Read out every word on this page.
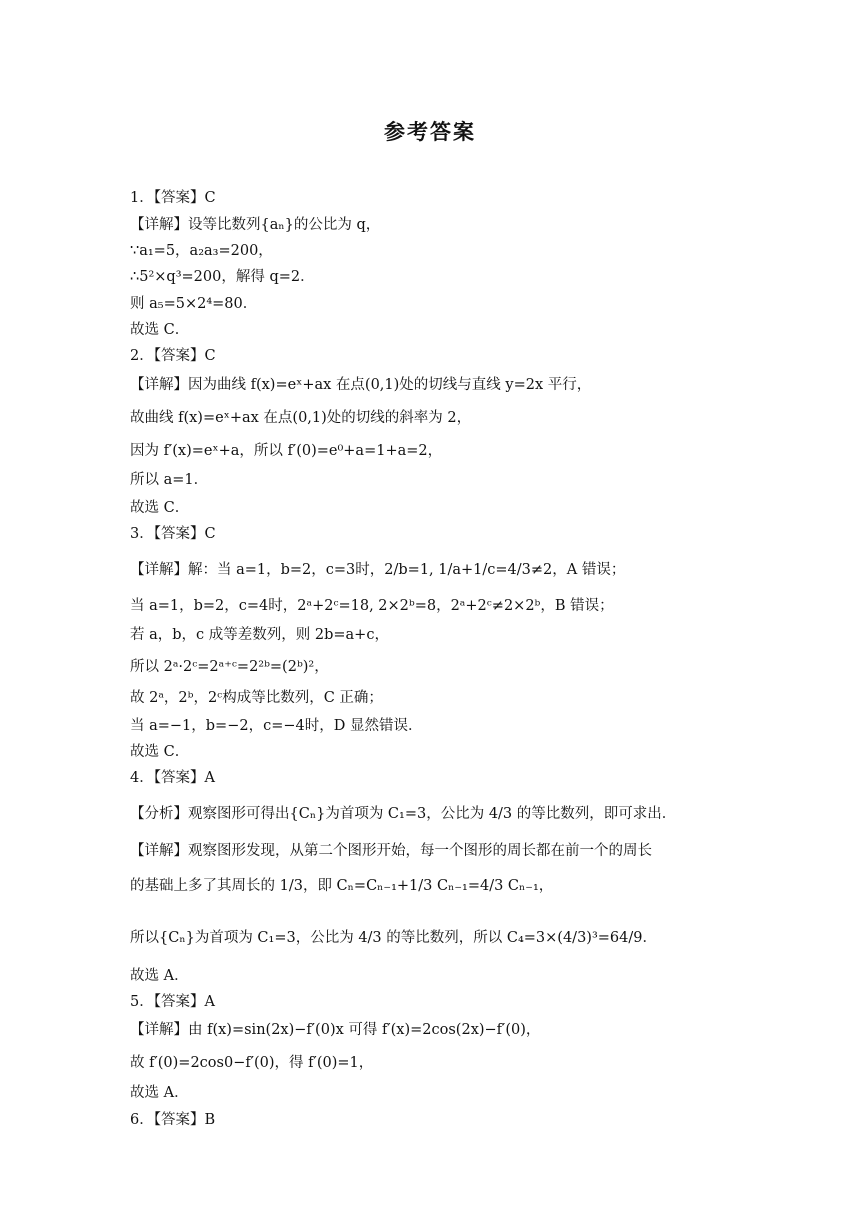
参考答案
1．【答案】C
【详解】设等比数列{aₙ}的公比为 q，
∵a₁=5，a₂a₃=200，
∴5²×q³=200，解得 q=2．
则 a₅=5×2⁴=80．
故选 C．
2．【答案】C
【详解】因为曲线 f(x)=eˣ+ax 在点(0,1)处的切线与直线 y=2x 平行，
故曲线 f(x)=eˣ+ax 在点(0,1)处的切线的斜率为 2，
因为 f′(x)=eˣ+a，所以 f′(0)=e⁰+a=1+a=2，
所以 a=1．
故选 C．
3．【答案】C
【详解】解：当 a=1，b=2，c=3时，2/b=1, 1/a+1/c=4/3≠2，A 错误；
当 a=1，b=2，c=4时，2ᵃ+2ᶜ=18, 2×2ᵇ=8，2ᵃ+2ᶜ≠2×2ᵇ，B 错误；
若 a，b，c 成等差数列，则 2b=a+c，
所以 2ᵃ·2ᶜ=2ᵃ⁺ᶜ=2²ᵇ=(2ᵇ)²，
故 2ᵃ，2ᵇ，2ᶜ构成等比数列，C 正确；
当 a=−1，b=−2，c=−4时，D 显然错误．
故选 C．
4．【答案】A
【分析】观察图形可得出{Cₙ}为首项为 C₁=3，公比为 4/3 的等比数列，即可求出．
【详解】观察图形发现，从第二个图形开始，每一个图形的周长都在前一个的周长
的基础上多了其周长的 1/3，即 Cₙ=Cₙ₋₁+1/3 Cₙ₋₁=4/3 Cₙ₋₁，
所以{Cₙ}为首项为 C₁=3，公比为 4/3 的等比数列，所以 C₄=3×(4/3)³=64/9．
故选 A．
5．【答案】A
【详解】由 f(x)=sin(2x)−f′(0)x 可得 f′(x)=2cos(2x)−f′(0)，
故 f′(0)=2cos0−f′(0)，得 f′(0)=1，
故选 A．
6．【答案】B
